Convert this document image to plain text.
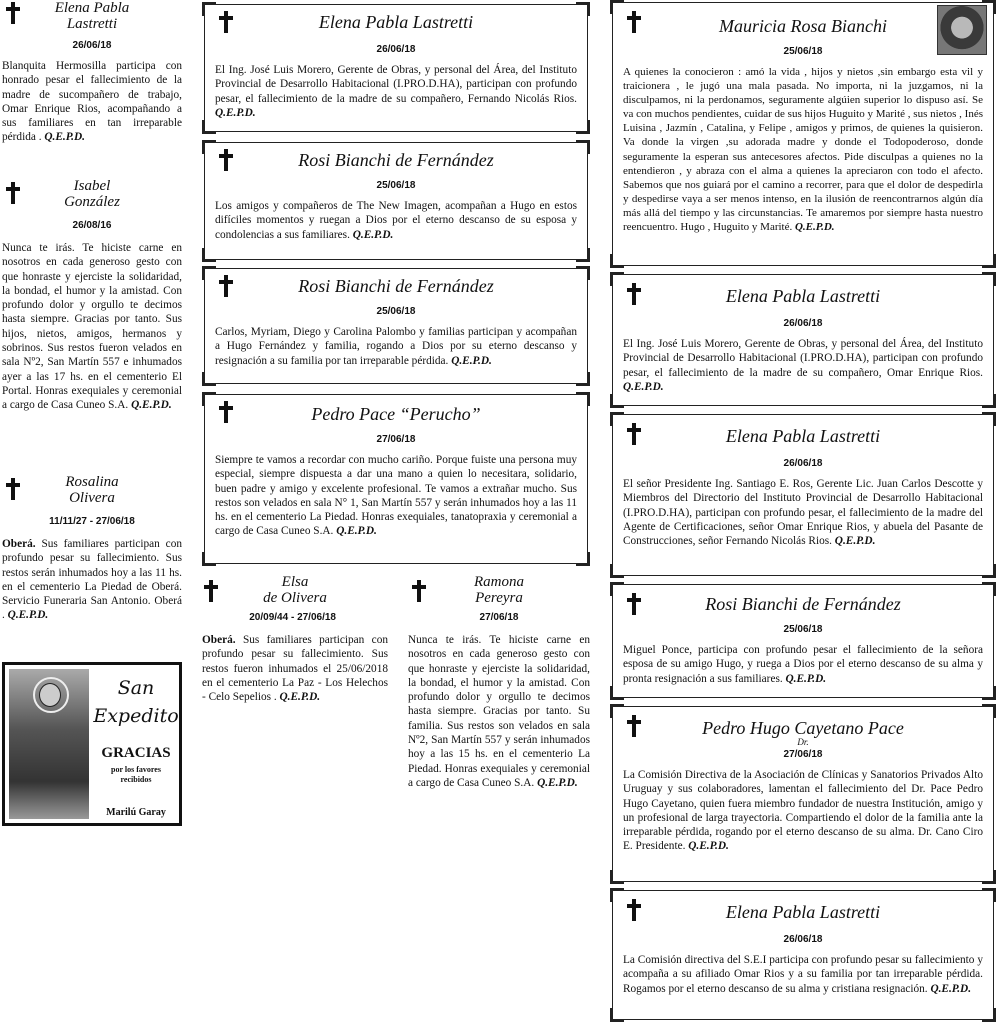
Elena Pabla Lastretti
26/06/18
Blanquita Hermosilla participa con honrado pesar el fallecimiento de la madre de sucompañero de trabajo, Omar Enrique Rios, acompañando a sus familiares en tan irreparable pérdida . Q.E.P.D.
Isabel
González
26/08/16
Nunca te irás. Te hiciste carne en nosotros en cada generoso gesto con que honraste y ejerciste la solidaridad, la bondad, el humor y la amistad. Con profundo dolor y orgullo te decimos hasta siempre. Gracias por tanto. Sus hijos, nietos, amigos, hermanos y sobrinos. Sus restos fueron velados en sala Nº2, San Martín 557 e inhumados ayer a las 17 hs. en el cementerio El Portal. Honras exequiales y ceremonial a cargo de Casa Cuneo S.A. Q.E.P.D.
Rosalina
Olivera
11/11/27 - 27/06/18
Oberá. Sus familiares participan con profundo pesar su fallecimiento. Sus restos serán inhumados hoy a las 11 hs. en el cementerio La Piedad de Oberá. Servicio Funeraria San Antonio. Oberá . Q.E.P.D.
San
Expedito
GRACIAS
por los favores recibidos
Marilú Garay
Elena Pabla Lastretti
26/06/18
El Ing. José Luis Morero, Gerente de Obras, y personal del Área, del Instituto Provincial de Desarrollo Habitacional (I.PRO.D.HA), participan con profundo pesar, el fallecimiento de la madre de su compañero, Fernando Nicolás Rios. Q.E.P.D.
Rosi Bianchi de Fernández
25/06/18
Los amigos y compañeros de The New Imagen, acompañan a Hugo en estos difíciles momentos y ruegan a Dios por el eterno descanso de su esposa y condolencias a sus familiares. Q.E.P.D.
Rosi Bianchi de Fernández
25/06/18
Carlos, Myriam, Diego y Carolina Palombo y familias participan y acompañan a Hugo Fernández y familia, rogando a Dios por su eterno descanso y resignación a su familia por tan irreparable pérdida. Q.E.P.D.
Pedro Pace “Perucho”
27/06/18
Siempre te vamos a recordar con mucho cariño. Porque fuiste una persona muy especial, siempre dispuesta a dar una mano a quien lo necesitara, solidario, buen padre y amigo y excelente profesional. Te vamos a extrañar mucho. Sus restos son velados en sala N° 1, San Martín 557 y serán inhumados hoy a las 11 hs. en el cementerio La Piedad. Honras exequiales, tanatopraxia y ceremonial a cargo de Casa Cuneo S.A. Q.E.P.D.
Elsa
de Olivera
20/09/44 - 27/06/18
Oberá. Sus familiares participan con profundo pesar su fallecimiento. Sus restos fueron inhumados el 25/06/2018 en el cementerio La Paz - Los Helechos - Celo Sepelios . Q.E.P.D.
Ramona
Pereyra
27/06/18
Nunca te irás. Te hiciste carne en nosotros en cada generoso gesto con que honraste y ejerciste la solidaridad, la bondad, el humor y la amistad. Con profundo dolor y orgullo te decimos hasta siempre. Gracias por tanto. Su familia. Sus restos son velados en sala Nº2, San Martín 557 y serán inhumados hoy a las 15 hs. en el cementerio La Piedad. Honras exequiales y ceremonial a cargo de Casa Cuneo S.A. Q.E.P.D.
Mauricia Rosa Bianchi
25/06/18
A quienes la conocieron : amó la vida , hijos y nietos ,sin embargo esta vil y traicionera , le jugó una mala pasada. No importa, ni la juzgamos, ni la disculpamos, ni la perdonamos, seguramente algúien superior lo dispuso así. Se va con muchos pendientes, cuidar de sus hijos Huguito y Marité , sus nietos , Inés Luisina , Jazmín , Catalina, y Felipe , amigos y primos, de quienes la quisieron. Va donde la virgen ,su adorada madre y donde el Todopoderoso, donde seguramente la esperan sus antecesores afectos. Pide disculpas a quienes no la entendieron , y abraza con el alma a quienes la apreciaron con todo el afecto. Sabemos que nos guiará por el camino a recorrer, para que el dolor de despedirla y despedirse vaya a ser menos intenso, en la ilusión de reencontrarnos algún día más allá del tiempo y las circunstancias. Te amaremos por siempre hasta nuestro reencuentro. Hugo , Huguito y Marité. Q.E.P.D.
Elena Pabla Lastretti
26/06/18
El Ing. José Luis Morero, Gerente de Obras, y personal del Área, del Instituto Provincial de Desarrollo Habitacional (I.PRO.D.HA), participan con profundo pesar, el fallecimiento de la madre de su compañero, Omar Enrique Rios. Q.E.P.D.
Elena Pabla Lastretti
26/06/18
El señor Presidente Ing. Santiago E. Ros, Gerente Lic. Juan Carlos Descotte y Miembros del Directorio del Instituto Provincial de Desarrollo Habitacional (I.PRO.D.HA), participan con profundo pesar, el fallecimiento de la madre del Agente de Certificaciones, señor Omar Enrique Rios, y abuela del Pasante de Construcciones, señor Fernando Nicolás Rios. Q.E.P.D.
Rosi Bianchi de Fernández
25/06/18
Miguel Ponce, participa con profundo pesar el fallecimiento de la señora esposa de su amigo Hugo, y ruega a Dios por el eterno descanso de su alma y pronta resignación a sus familiares. Q.E.P.D.
Pedro Hugo Cayetano Pace
Dr.
27/06/18
La Comisión Directiva de la Asociación de Clínicas y Sanatorios Privados Alto Uruguay y sus colaboradores, lamentan el fallecimiento del Dr. Pace Pedro Hugo Cayetano, quien fuera miembro fundador de nuestra Institución, amigo y un profesional de larga trayectoria. Compartiendo el dolor de la familia ante la irreparable pérdida, rogando por el eterno descanso de su alma. Dr. Cano Ciro E. Presidente. Q.E.P.D.
Elena Pabla Lastretti
26/06/18
La Comisión directiva del S.E.I participa con profundo pesar su fallecimiento y acompaña a su afiliado Omar Rios y a su familia por tan irreparable pérdida. Rogamos por el eterno descanso de su alma y cristiana resignación. Q.E.P.D.
